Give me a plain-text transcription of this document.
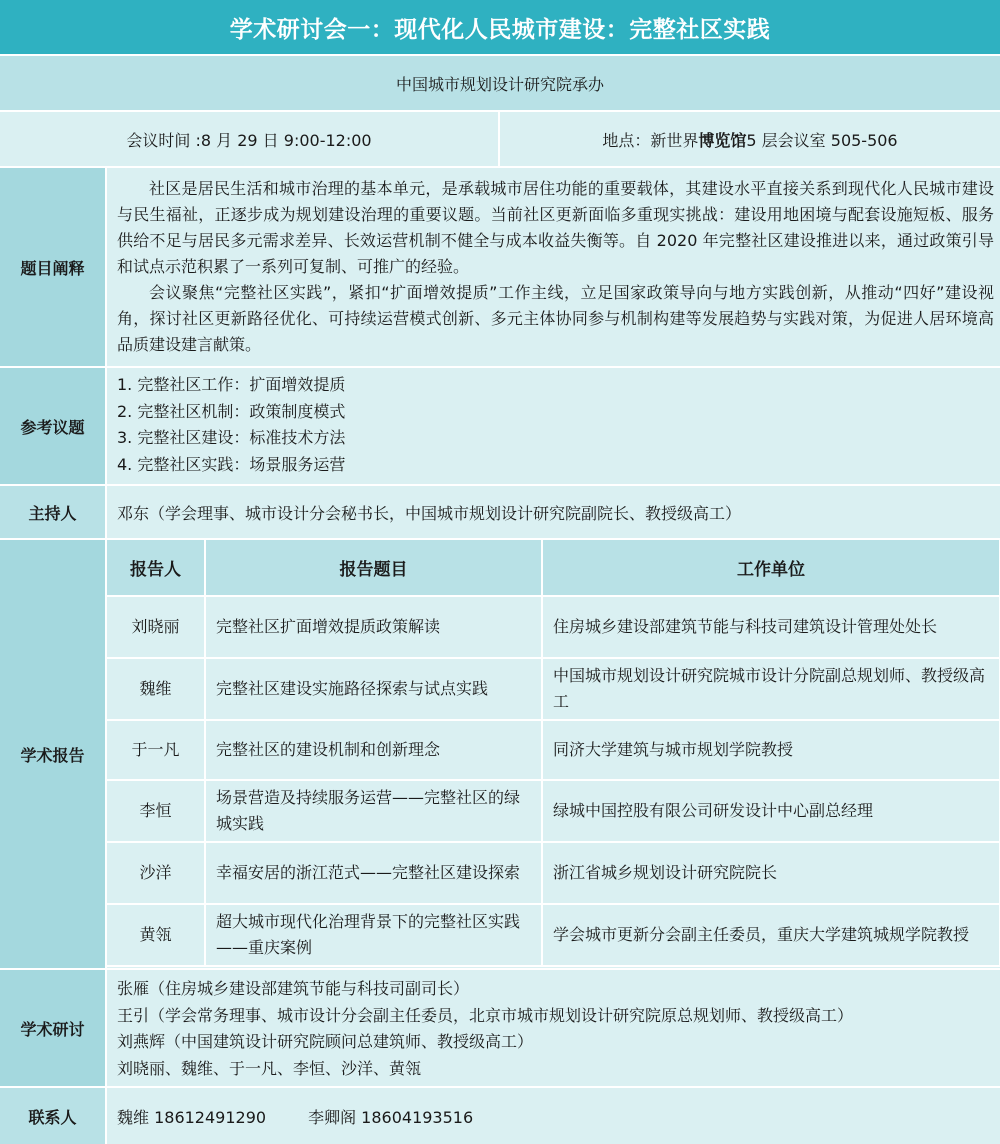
学术研讨会一：现代化人民城市建设：完整社区实践
中国城市规划设计研究院承办
会议时间 :8 月 29 日 9:00-12:00	地点：新世界 博览馆 5 层会议室 505-506
题目阐释

社区是居民生活和城市治理的基本单元，是承载城市居住功能的重要载体，其建设水平直接关系到现代化人民城市建设与民生福祉，正逐步成为规划建设治理的重要议题。当前社区更新面临多重现实挑战：建设用地困境与配套设施短板、服务供给不足与居民多元需求差异、长效运营机制不健全与成本收益失衡等。自 2020 年完整社区建设推进以来，通过政策引导和试点示范积累了一系列可复制、可推广的经验。

会议聚焦“完整社区实践”，紧扣“扩面增效提质”工作主线，立足国家政策导向与地方实践创新，从推动“四好”建设视角，探讨社区更新路径优化、可持续运营模式创新、多元主体协同参与机制构建等发展趋势与实践对策，为促进人居环境高品质建设建言献策。

参考议题
1. 完整社区工作：扩面增效提质
2. 完整社区机制：政策制度模式
3. 完整社区建设：标准技术方法
4. 完整社区实践：场景服务运营
主持人	邓东（学会理事、城市设计分会秘书长，中国城市规划设计研究院副院长、教授级高工）
学术报告
报告人	报告题目	工作单位
刘晓丽	完整社区扩面增效提质政策解读	住房城乡建设部建筑节能与科技司建筑设计管理处处长
魏维	完整社区建设实施路径探索与试点实践	中国城市规划设计研究院城市设计分院副总规划师、教授级高工
于一凡	完整社区的建设机制和创新理念	同济大学建筑与城市规划学院教授
李恒	场景营造及持续服务运营——完整社区的绿城实践	绿城中国控股有限公司研发设计中心副总经理
沙洋	幸福安居的浙江范式——完整社区建设探索	浙江省城乡规划设计研究院院长
黄瓴	超大城市现代化治理背景下的完整社区实践——重庆案例	学会城市更新分会副主任委员，重庆大学建筑城规学院教授
学术研讨
张雁（住房城乡建设部建筑节能与科技司副司长）
王引（学会常务理事、城市设计分会副主任委员，北京市城市规划设计研究院原总规划师、教授级高工）
刘燕辉（中国建筑设计研究院顾问总建筑师、教授级高工）
刘晓丽、魏维、于一凡、李恒、沙洋、黄瓴
联系人	魏维 18612491290	李卿阁 18604193516
